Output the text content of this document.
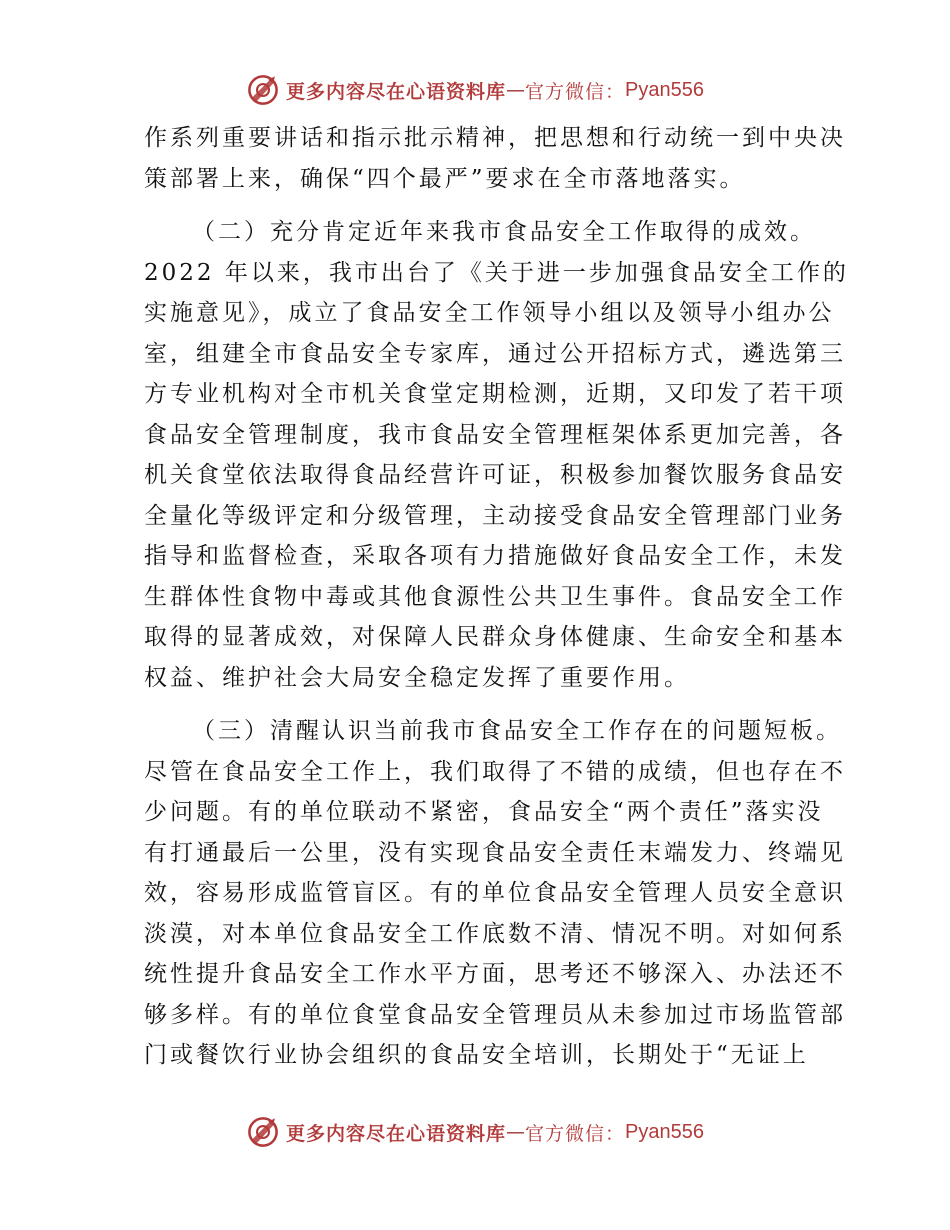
更多内容尽在心语资料库 — 官方微信： Pyan556
作系列重要讲话和指示批示精神，把思想和行动统一到中央决
策部署上来，确保“四个最严”要求在全市落地落实。
（二）充分肯定近年来我市食品安全工作取得的成效。
2022 年以来，我市出台了《关于进一步加强食品安全工作的
实施意见》，成立了食品安全工作领导小组以及领导小组办公
室，组建全市食品安全专家库，通过公开招标方式，遴选第三
方专业机构对全市机关食堂定期检测，近期，又印发了若干项
食品安全管理制度，我市食品安全管理框架体系更加完善，各
机关食堂依法取得食品经营许可证，积极参加餐饮服务食品安
全量化等级评定和分级管理，主动接受食品安全管理部门业务
指导和监督检查，采取各项有力措施做好食品安全工作，未发
生群体性食物中毒或其他食源性公共卫生事件。食品安全工作
取得的显著成效，对保障人民群众身体健康、生命安全和基本
权益、维护社会大局安全稳定发挥了重要作用。
（三）清醒认识当前我市食品安全工作存在的问题短板。
尽管在食品安全工作上，我们取得了不错的成绩，但也存在不
少问题。有的单位联动不紧密，食品安全“两个责任”落实没
有打通最后一公里，没有实现食品安全责任末端发力、终端见
效，容易形成监管盲区。有的单位食品安全管理人员安全意识
淡漠，对本单位食品安全工作底数不清、情况不明。对如何系
统性提升食品安全工作水平方面，思考还不够深入、办法还不
够多样。有的单位食堂食品安全管理员从未参加过市场监管部
门或餐饮行业协会组织的食品安全培训，长期处于“无证上
更多内容尽在心语资料库 — 官方微信： Pyan556
